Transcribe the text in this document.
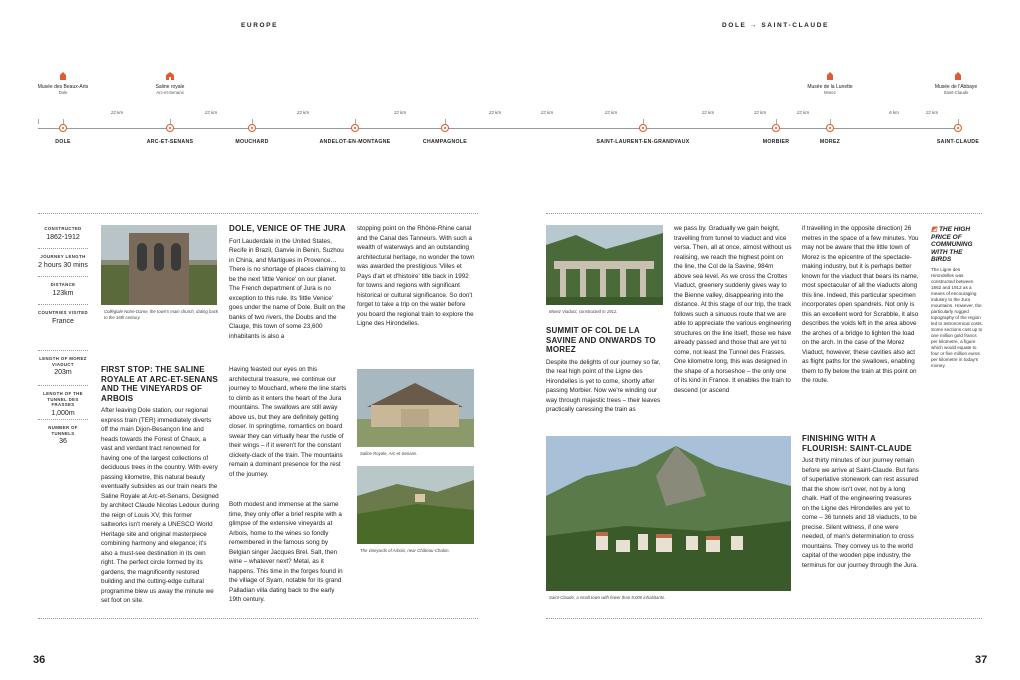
EUROPE	DOLE → SAINT-CLAUDE
Musée des Beaux-Arts
Dole
Saline royale
Arc-et-Senans
Musée de la Lunette
Morez
Musée de l'Abbaye
Saint-Claude
22 km	22 km	22 km	22 km	22 km	22 km	22 km	22 km	22 km	22 km	6 km	22 km
DOLE	ARC-ET-SENANS	MOUCHARD	ANDELOT-EN-MONTAGNE	CHAMPAGNOLE	SAINT-LAURENT-EN-GRANDVAUX	MORBIER	MOREZ	SAINT-CLAUDE
CONSTRUCTED
1862-1912
JOURNEY LENGTH
2 hours 30 mins
DISTANCE
123km
COUNTRIES VISITED
France
LENGTH OF MOREZ VIADUCT
203m
LENGTH OF THE TUNNEL DES FRASSES
1,000m
NUMBER OF TUNNELS
36
Collégiale Notre-Dame, the town's main church, dating back to the 16th century.
Saline Royale, Arc-et-Senans.
The vineyards of Arbois, near Château-Chalon.
DOLE, VENICE OF THE JURA
Fort Lauderdale in the United States, Recife in Brazil, Ganvie in Benin, Suzhou in China, and Martigues in Provence… There is no shortage of places claiming to be the next 'little Venice' on our planet. The French department of Jura is no exception to this rule. Its 'little Venice' goes under the name of Dole. Built on the banks of two rivers, the Doubs and the Clauge, this town of some 23,600 inhabitants is also a
stopping point on the Rhône-Rhine canal and the Canal des Tanneurs. With such a wealth of waterways and an outstanding architectural heritage, no wonder the town was awarded the prestigious 'Villes et Pays d'art et d'histoire' title back in 1992 for towns and regions with significant historical or cultural significance. So don't forget to take a trip on the water before you board the regional train to explore the Ligne des Hirondelles.
FIRST STOP: THE SALINE ROYALE AT ARC-ET-SENANS AND THE VINEYARDS OF ARBOIS
After leaving Dole station, our regional express train (TER) immediately diverts off the main Dijon-Besançon line and heads towards the Forest of Chaux, a vast and verdant tract renowned for having one of the largest collections of deciduous trees in the country. With every passing kilometre, this natural beauty eventually subsides as our train nears the Saline Royale at Arc-et-Senans. Designed by architect Claude Nicolas Ledoux during the reign of Louis XV, this former saltworks isn't merely a UNESCO World Heritage site and original masterpiece combining harmony and elegance; it's also a must-see destination in its own right. The perfect circle formed by its gardens, the magnificently restored building and the cutting-edge cultural programme blew us away the minute we set foot on site.
Having feasted our eyes on this architectural treasure, we continue our journey to Mouchard, where the line starts to climb as it enters the heart of the Jura mountains. The swallows are still away above us, but they are definitely getting closer. In springtime, romantics on board swear they can virtually hear the rustle of their wings – if it weren't for the constant clickety-clack of the train. The mountains remain a dominant presence for the rest of the journey.
Both modest and immense at the same time, they only offer a brief respite with a glimpse of the extensive vineyards at Arbois, home to the wines so fondly remembered in the famous song by Belgian singer Jacques Brel. Salt, then wine – whatever next? Metal, as it happens. This time in the forges found in the village of Syam, notable for its grand Palladian villa dating back to the early 19th century.
Morez Viaduct, constructed in 1912.
Saint-Claude, a small town with fewer than 9,000 inhabitants.
SUMMIT OF COL DE LA SAVINE AND ONWARDS TO MOREZ
Despite the delights of our journey so far, the real high point of the Ligne des Hirondelles is yet to come, shortly after passing Morbier. Now we're winding our way through majestic trees – their leaves practically caressing the train as
we pass by. Gradually we gain height, travelling from tunnel to viaduct and vice versa. Then, all at once, almost without us realising, we reach the highest point on the line, the Col de la Savine, 984m above sea level. As we cross the Crottes Viaduct, greenery suddenly gives way to the Bienne valley, disappearing into the distance. At this stage of our trip, the track follows such a sinuous route that we are able to appreciate the various engineering structures on the line itself, those we have already passed and those that are yet to come, not least the Tunnel des Frasses. One kilometre long, this was designed in the shape of a horseshoe – the only one of its kind in France. It enables the train to descend (or ascend
if travelling in the opposite direction) 26 metres in the space of a few minutes. You may not be aware that the little town of Morez is the epicentre of the spectacle-making industry, but it is perhaps better known for the viaduct that bears its name, most spectacular of all the viaducts along this line. Indeed, this particular specimen incorporates open spandrels. Not only is this an excellent word for Scrabble, it also describes the voids left in the area above the arches of a bridge to lighten the load on the arch. In the case of the Morez Viaduct, however, these cavities also act as flight paths for the swallows, enabling them to fly below the train at this point on the route.
FINISHING WITH A FLOURISH: SAINT-CLAUDE
Just thirty minutes of our journey remain before we arrive at Saint-Claude. But fans of superlative stonework can rest assured that the show isn't over, not by a long chalk. Half of the engineering treasures on the Ligne des Hirondelles are yet to come – 36 tunnels and 18 viaducts, to be precise. Silent witness, if one were needed, of man's determination to cross mountains. They convey us to the world capital of the wooden pipe industry, the terminus for our journey through the Jura.
◩ THE HIGH PRICE OF COMMUNING WITH THE BIRDS
The Ligne des Hirondelles was constructed between 1862 and 1912 as a means of encouraging industry to the Jura mountains. However, the particularly rugged topography of the region led to astronomical costs. Some sections cost up to one million gold francs per kilometre, a figure which would equate to four or five million euros per kilometre in today's money.
36	37
